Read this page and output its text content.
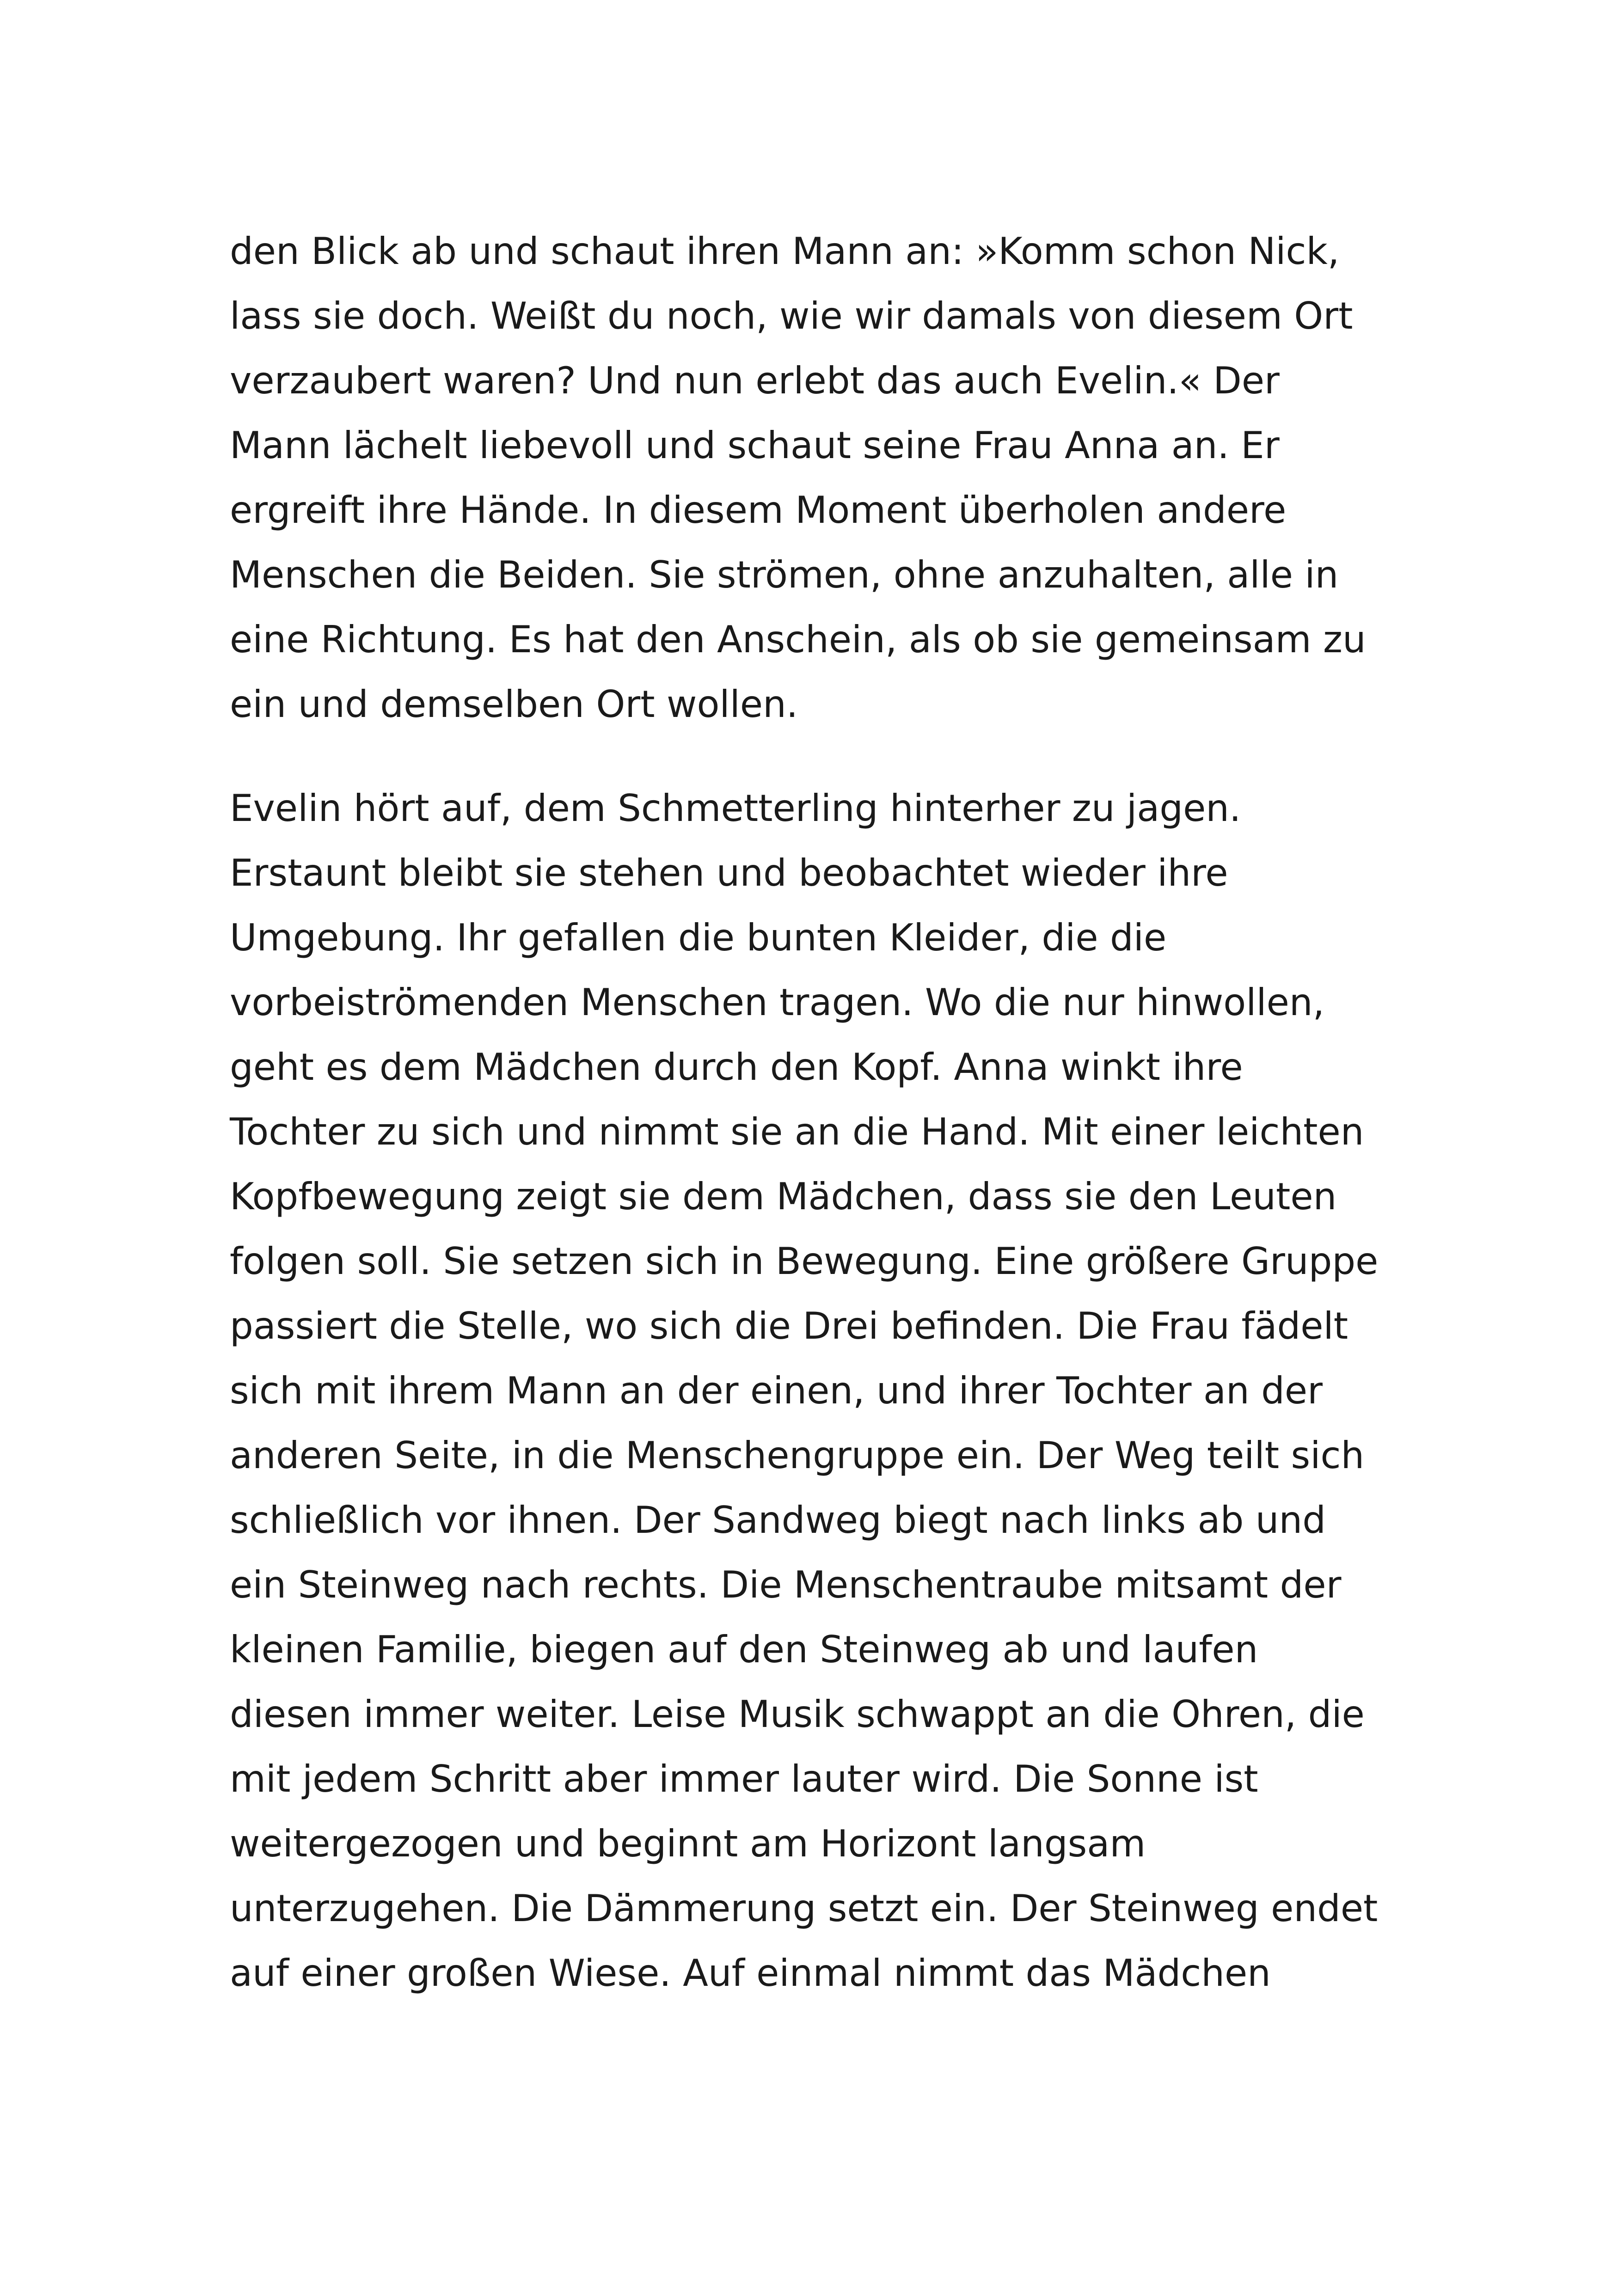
den Blick ab und schaut ihren Mann an: »Komm schon Nick,
lass sie doch. Weißt du noch, wie wir damals von diesem Ort
verzaubert waren? Und nun erlebt das auch Evelin.« Der
Mann lächelt liebevoll und schaut seine Frau Anna an. Er
ergreift ihre Hände. In diesem Moment überholen andere
Menschen die Beiden. Sie strömen, ohne anzuhalten, alle in
eine Richtung. Es hat den Anschein, als ob sie gemeinsam zu
ein und demselben Ort wollen.
Evelin hört auf, dem Schmetterling hinterher zu jagen.
Erstaunt bleibt sie stehen und beobachtet wieder ihre
Umgebung. Ihr gefallen die bunten Kleider, die die
vorbeiströmenden Menschen tragen. Wo die nur hinwollen,
geht es dem Mädchen durch den Kopf. Anna winkt ihre
Tochter zu sich und nimmt sie an die Hand. Mit einer leichten
Kopfbewegung zeigt sie dem Mädchen, dass sie den Leuten
folgen soll. Sie setzen sich in Bewegung. Eine größere Gruppe
passiert die Stelle, wo sich die Drei befinden. Die Frau fädelt
sich mit ihrem Mann an der einen, und ihrer Tochter an der
anderen Seite, in die Menschengruppe ein. Der Weg teilt sich
schließlich vor ihnen. Der Sandweg biegt nach links ab und
ein Steinweg nach rechts. Die Menschentraube mitsamt der
kleinen Familie, biegen auf den Steinweg ab und laufen
diesen immer weiter. Leise Musik schwappt an die Ohren, die
mit jedem Schritt aber immer lauter wird. Die Sonne ist
weitergezogen und beginnt am Horizont langsam
unterzugehen. Die Dämmerung setzt ein. Der Steinweg endet
auf einer großen Wiese. Auf einmal nimmt das Mädchen
